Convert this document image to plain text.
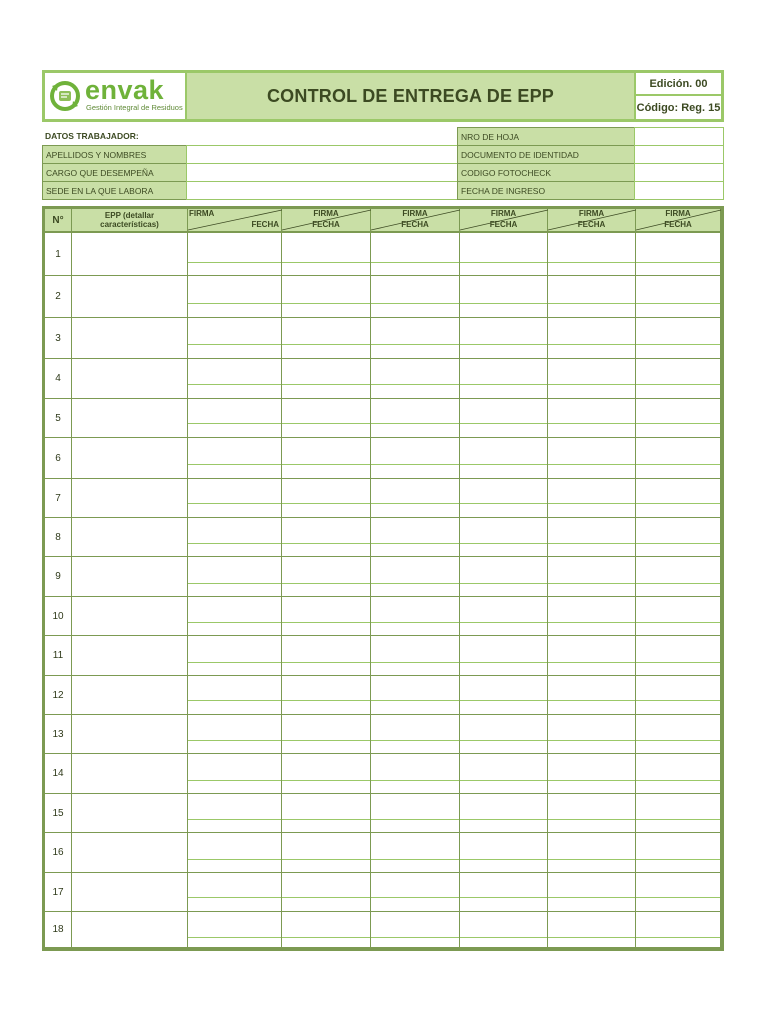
envak
Gestión Integral de Residuos
CONTROL DE ENTREGA DE EPP
Edición. 00
Código: Reg. 15
DATOS TRABAJADOR:
APELLIDOS Y NOMBRES
CARGO QUE DESEMPEÑA
SEDE EN LA QUE LABORA
NRO DE HOJA
DOCUMENTO DE IDENTIDAD
CODIGO FOTOCHECK
FECHA DE INGRESO
N°	EPP (detallar características)
FIRMA
FECHA
FIRMA
FECHA
FIRMA
FECHA
FIRMA
FECHA
FIRMA
FECHA
FIRMA
FECHA
1
2
3
4
5
6
7
8
9
10
11
12
13
14
15
16
17
18
